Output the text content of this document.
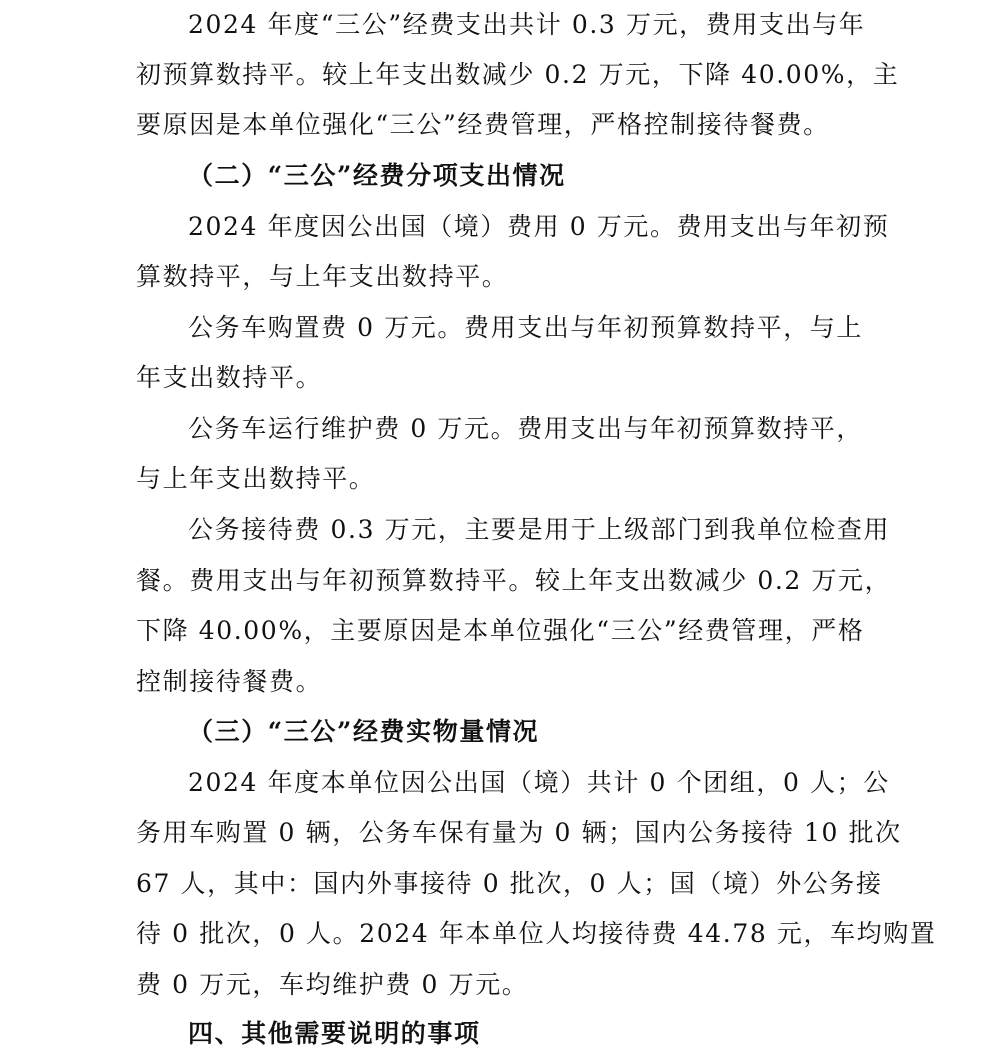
2024 年度“三公”经费支出共计 0.3 万元，费用支出与年
初预算数持平。较上年支出数减少 0.2 万元，下降 40.00%，主
要原因是本单位强化“三公”经费管理，严格控制接待餐费。
（二）“三公”经费分项支出情况
2024 年度因公出国（境）费用 0 万元。费用支出与年初预
算数持平，与上年支出数持平。
公务车购置费 0 万元。费用支出与年初预算数持平，与上
年支出数持平。
公务车运行维护费 0 万元。费用支出与年初预算数持平，
与上年支出数持平。
公务接待费 0.3 万元，主要是用于上级部门到我单位检查用
餐。费用支出与年初预算数持平。较上年支出数减少 0.2 万元，
下降 40.00%，主要原因是本单位强化“三公”经费管理，严格
控制接待餐费。
（三）“三公”经费实物量情况
2024 年度本单位因公出国（境）共计 0 个团组，0 人；公
务用车购置 0 辆，公务车保有量为 0 辆；国内公务接待 10 批次
67 人，其中：国内外事接待 0 批次，0 人；国（境）外公务接
待 0 批次，0 人。2024 年本单位人均接待费 44.78 元，车均购置
费 0 万元，车均维护费 0 万元。
四、其他需要说明的事项
